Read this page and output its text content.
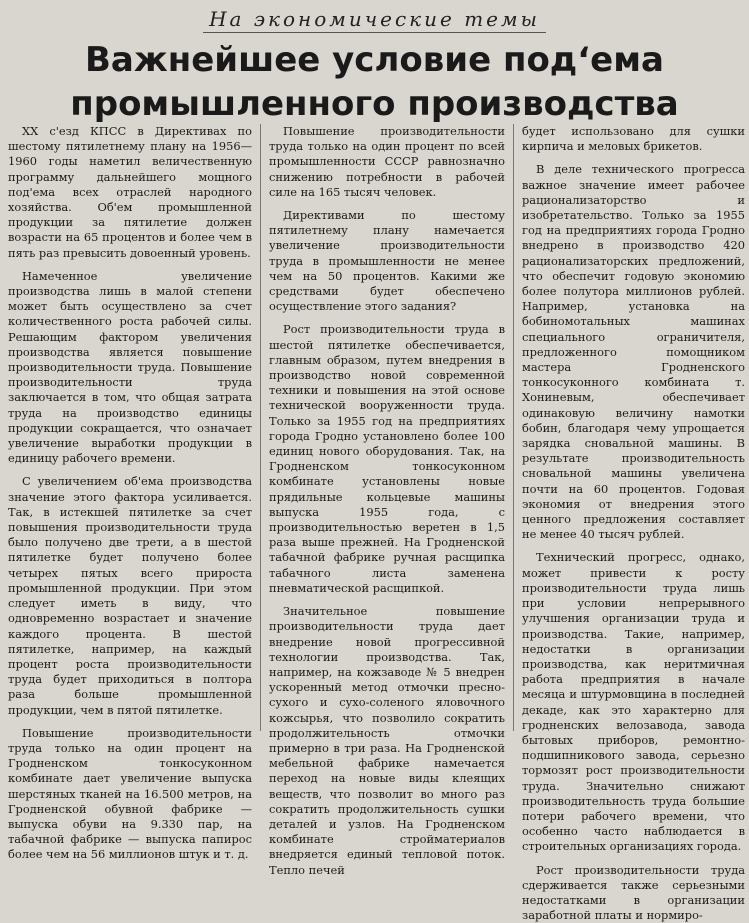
На экономические темы
Важнейшее условие под‘ема
промышленного производства

XX с'езд КПСС в Директивах по шестому пятилетнему плану на 1956—1960 годы наметил величественную программу дальнейшего мощного под'ема всех отраслей народного хозяйства. Об'ем промышленной продукции за пятилетие должен возрасти на 65 процентов и более чем в пять раз превысить довоенный уровень.

Намеченное увеличение производства лишь в малой степени может быть осуществлено за счет количественного роста рабочей силы. Решающим фактором увеличения производства является повышение производительности труда. Повышение производительности труда заключается в том, что общая затрата труда на производство единицы продукции сокращается, что означает увеличение выработки продукции в единицу рабочего времени.

С увеличением об'ема производства значение этого фактора усиливается. Так, в истекшей пятилетке за счет повышения производительности труда было получено две трети, а в шестой пятилетке будет получено более четырех пятых всего прироста промышленной продукции. При этом следует иметь в виду, что одновременно возрастает и значение каждого процента. В шестой пятилетке, например, на каждый процент роста производительности труда будет приходиться в полтора раза больше промышленной продукции, чем в пятой пятилетке.

Повышение производительности труда только на один процент на Гродненском тонкосуконном комбинате дает увеличение выпуска шерстяных тканей на 16.500 метров, на Гродненской обувной фабрике — выпуска обуви на 9.330 пар, на табачной фабрике — выпуска папирос более чем на 56 миллионов штук и т. д.

Повышение производительности труда только на один процент по всей промышленности СССР равнозначно снижению потребности в рабочей силе на 165 тысяч человек.

Директивами по шестому пятилетнему плану намечается увеличение производительности труда в промышленности не менее чем на 50 процентов. Какими же средствами будет обеспечено осуществление этого задания?

Рост производительности труда в шестой пятилетке обеспечивается, главным образом, путем внедрения в производство новой современной техники и повышения на этой основе технической вооруженности труда. Только за 1955 год на предприятиях города Гродно установлено более 100 единиц нового оборудования. Так, на Гродненском тонкосуконном комбинате установлены новые прядильные кольцевые машины выпуска 1955 года, с производительностью веретен в 1,5 раза выше прежней. На Гродненской табачной фабрике ручная расщипка табачного листа заменена пневматической расщипкой.

Значительное повышение производительности труда дает внедрение новой прогрессивной технологии производства. Так, например, на кожзаводе № 5 внедрен ускоренный метод отмочки пресно-сухого и сухо-соленого яловочного кожсырья, что позволило сократить продолжительность отмочки примерно в три раза. На Гродненской мебельной фабрике намечается переход на новые виды клеящих веществ, что позволит во много раз сократить продолжительность сушки деталей и узлов. На Гродненском комбинате стройматериалов внедряется единый тепловой поток. Тепло печей

будет использовано для сушки кирпича и меловых брикетов.

В деле технического прогресса важное значение имеет рабочее рационализаторство и изобретательство. Только за 1955 год на предприятиях города Гродно внедрено в производство 420 рационализаторских предложений, что обеспечит годовую экономию более полутора миллионов рублей. Например, установка на бобиномотальных машинах специального ограничителя, предложенного помощником мастера Гродненского тонкосуконного комбината т. Хониневым, обеспечивает одинаковую величину намотки бобин, благодаря чему упрощается зарядка сновальной машины. В результате производительность сновальной машины увеличена почти на 60 процентов. Годовая экономия от внедрения этого ценного предложения составляет не менее 40 тысяч рублей.

Технический прогресс, однако, может привести к росту производительности труда лишь при условии непрерывного улучшения организации труда и производства. Такие, например, недостатки в организации производства, как неритмичная работа предприятия в начале месяца и штурмовщина в последней декаде, как это характерно для гродненских велозавода, завода бытовых приборов, ремонтно-подшипникового завода, серьезно тормозят рост производительности труда. Значительно снижают производительность труда большие потери рабочего времени, что особенно часто наблюдается в строительных организациях города.

Рост производительности труда сдерживается также серьезными недостатками в организации заработной платы и нормиро-
